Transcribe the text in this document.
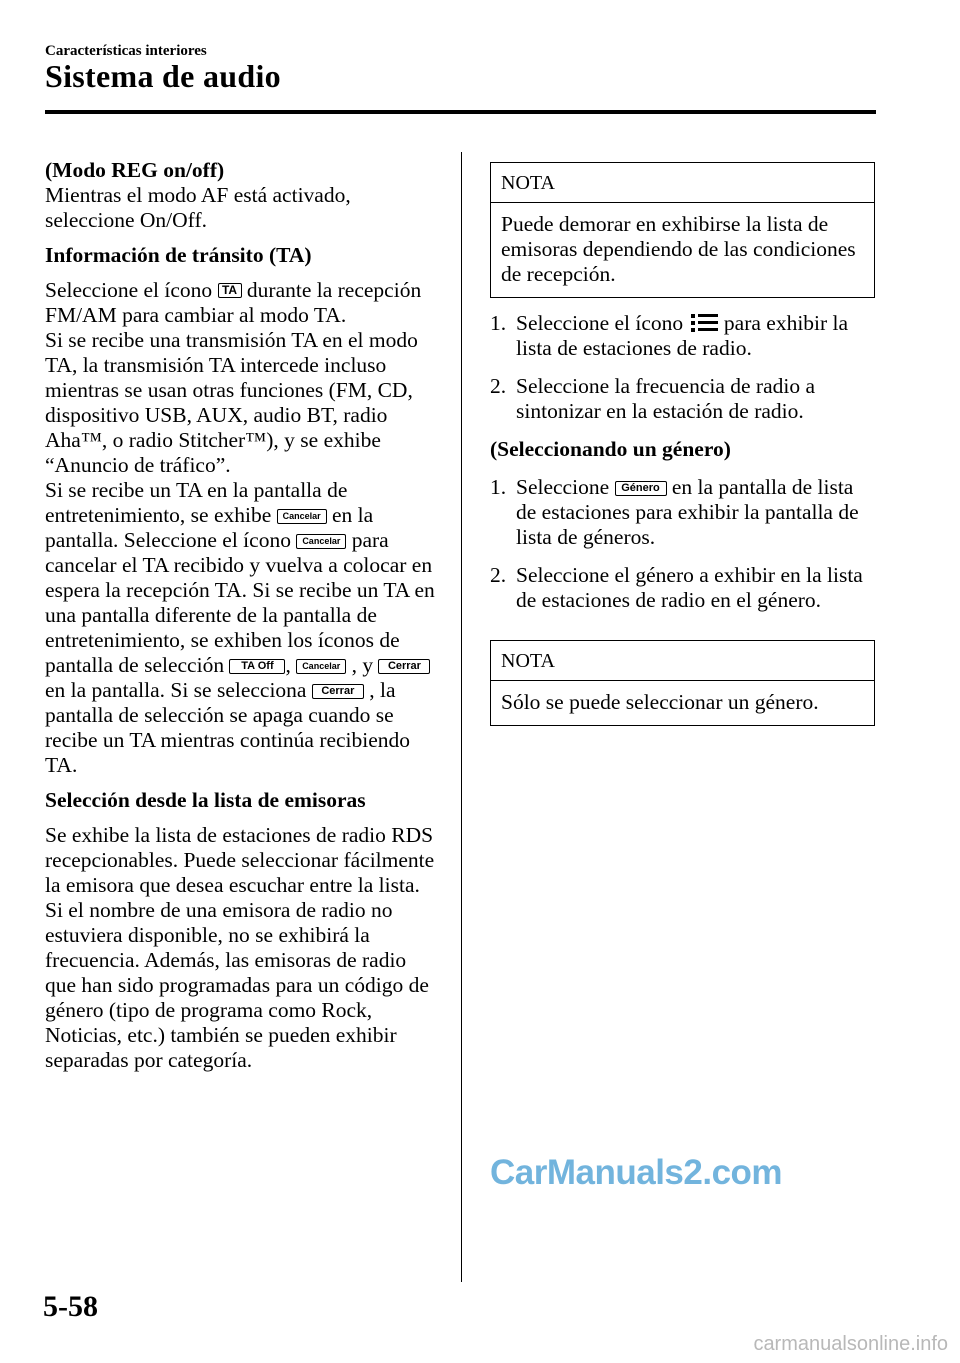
Características interiores
Sistema de audio

(Modo REG on/off)

Mientras el modo AF está activado, seleccione On/Off.

Información de tránsito (TA)

Seleccione el ícono TA durante la recepción FM/AM para cambiar al modo TA.

Si se recibe una transmisión TA en el modo TA, la transmisión TA intercede incluso mientras se usan otras funciones (FM, CD, dispositivo USB, AUX, audio BT, radio Aha™, o radio Stitcher™), y se exhibe “Anuncio de tráfico”.

Si se recibe un TA en la pantalla de entretenimiento, se exhibe Cancelar en la pantalla. Seleccione el ícono Cancelar para cancelar el TA recibido y vuelva a colocar en espera la recepción TA. Si se recibe un TA en una pantalla diferente de la pantalla de entretenimiento, se exhiben los íconos de pantalla de selección TA Off , Cancelar , y Cerrar en la pantalla. Si se selecciona Cerrar , la pantalla de selección se apaga cuando se recibe un TA mientras continúa recibiendo TA.

Selección desde la lista de emisoras

Se exhibe la lista de estaciones de radio RDS recepcionables. Puede seleccionar fácilmente la emisora que desea escuchar entre la lista. Si el nombre de una emisora de radio no estuviera disponible, no se exhibirá la frecuencia. Además, las emisoras de radio que han sido programadas para un código de género (tipo de programa como Rock, Noticias, etc.) también se pueden exhibir separadas por categoría.

NOTA
Puede demorar en exhibirse la lista de emisoras dependiendo de las condiciones de recepción.
1. Seleccione el ícono para exhibir la lista de estaciones de radio.
2. Seleccione la frecuencia de radio a sintonizar en la estación de radio.

(Seleccionando un género)

1. Seleccione Género en la pantalla de lista de estaciones para exhibir la pantalla de lista de géneros.
2. Seleccione el género a exhibir en la lista de estaciones de radio en el género.
NOTA
Sólo se puede seleccionar un género.
CarManuals2.com
5-58
carmanualsonline.info
